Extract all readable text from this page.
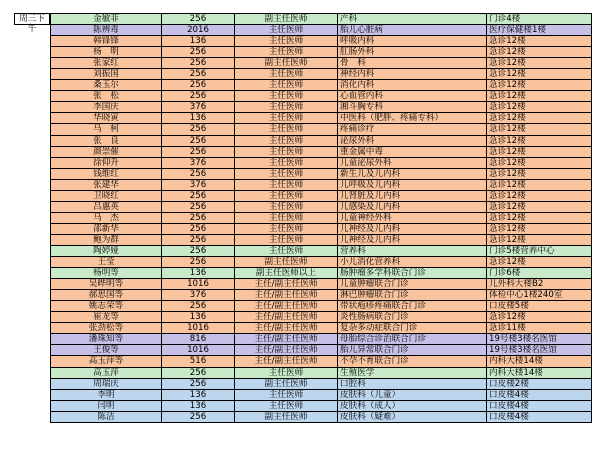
周三下午
金敏菲	256	副主任医师	产科	门诊4楼
陈辨毒	2016	主任医师	胎儿心脏病	医疗保健楼1楼
韩锋锋	136	主任医师	呼吸内科	急诊12楼
杨　明	256	主任医师	肛肠外科	急诊12楼
张家红	256	副主任医师	骨　科	急诊12楼
刘振国	256	主任医师	神经内科	急诊12楼
桑玉尔	256	主任医师	消化内科	急诊12楼
张　松	256	主任医师	心血管内科	急诊12楼
李国庆	376	主任医师	湘斗胸专科	急诊12楼
华晓寅	136	主任医师	中医科（肥胖、疼痛专科）	急诊12楼
马　柯	256	主任医师	疼痛诊疗	急诊12楼
张　良	256	主任医师	泌尿外科	急诊12楼
颜崇催	256	主任医师	重金属中毒	急诊12楼
徐仰升	376	主任医师	儿童泌尿外科	急诊12楼
钱维红	256	主任医师	新生儿及儿内科	急诊12楼
张建华	376	主任医师	儿呼吸及儿内科	急诊12楼
卫晓红	256	主任医师	儿肾脏及儿内科	急诊12楼
吕惠英	256	主任医师	儿感染及儿内科	急诊12楼
马　杰	256	主任医师	儿童神经外科	急诊12楼
邵新华	256	主任医师	儿神经及儿内科	急诊12楼
鲍为群	256	主任医师	儿神经及儿内科	急诊12楼
陶婷娅	256	主任医师	营养科	门诊5楼营养中心
王莹	256	副主任医师	小儿消化营养科	急诊12楼
杨明等	136	副主任医师以上	肠肿瘤多学科联合门诊	门诊6楼
吴晔明等	1016	主任/副主任医师	儿童肿瘤联合门诊	儿外科大楼B2
郝思国等	376	主任/副主任医师	淋巴肿瘤联合门诊	体检中心1楼240室
姚志荣等	256	主任/副主任医师	带状疱疹疼痛联合门诊	口皮楼5楼
崔龙等	136	主任/副主任医师	炎性肠病联合门诊	急诊12楼
张劲松等	1016	主任/副主任医师	复杂多动症联合门诊	急诊11楼
潘珠知等	816	主任/副主任医师	母胎综合诊治联合门诊	19号楼3楼名医馆
王俊等	1016	主任/副主任医师	胎儿异常联合门诊	19号楼3楼名医馆
高玉萍等	516	主任/副主任医师	不孕不育联合门诊	内科大楼14楼
高玉萍	256	主任医师	生殖医学	内科大楼14楼
周瑞庆	256	副主任医师	口腔科	口皮楼2楼
李明	136	主任医师	皮肤科（儿童）	口皮楼4楼
闫明	136	主任医师	皮肤科（成人）	口皮楼4楼
陈洁	256	副主任医师	皮肤科（疑难）	口皮楼4楼
